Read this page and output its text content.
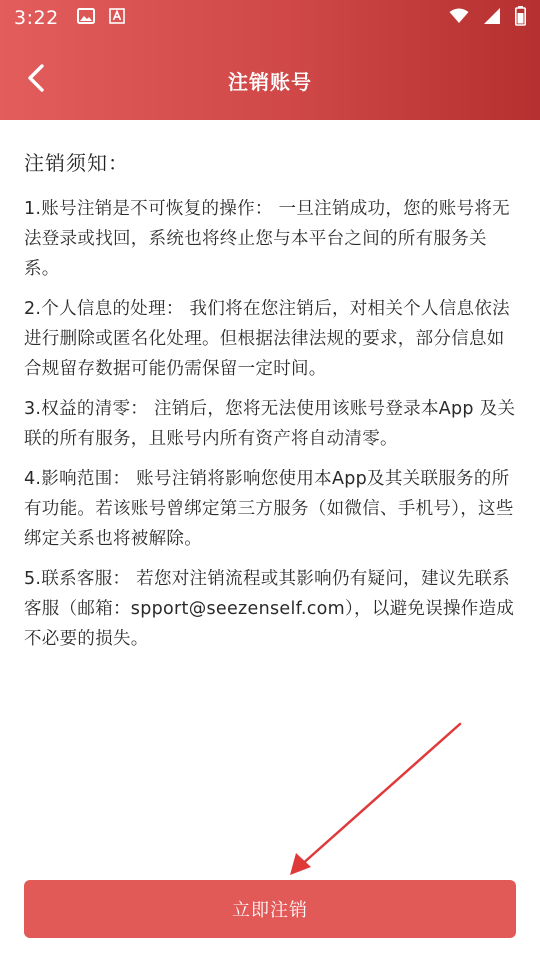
3:22
注销账号
注销须知：

1.账号注销是不可恢复的操作： 一旦注销成功，您的账号将无法登录或找回，系统也将终止您与本平台之间的所有服务关系。

2.个人信息的处理： 我们将在您注销后，对相关个人信息依法进行删除或匿名化处理。但根据法律法规的要求，部分信息如合规留存数据可能仍需保留一定时间。

3.权益的清零： 注销后，您将无法使用该账号登录本App 及关联的所有服务，且账号内所有资产将自动清零。

4.影响范围： 账号注销将影响您使用本App及其关联服务的所有功能。若该账号曾绑定第三方服务（如微信、手机号），这些绑定关系也将被解除。

5.联系客服： 若您对注销流程或其影响仍有疑问，建议先联系客服（邮箱：spport@seezenself.com），以避免误操作造成不必要的损失。

立即注销
